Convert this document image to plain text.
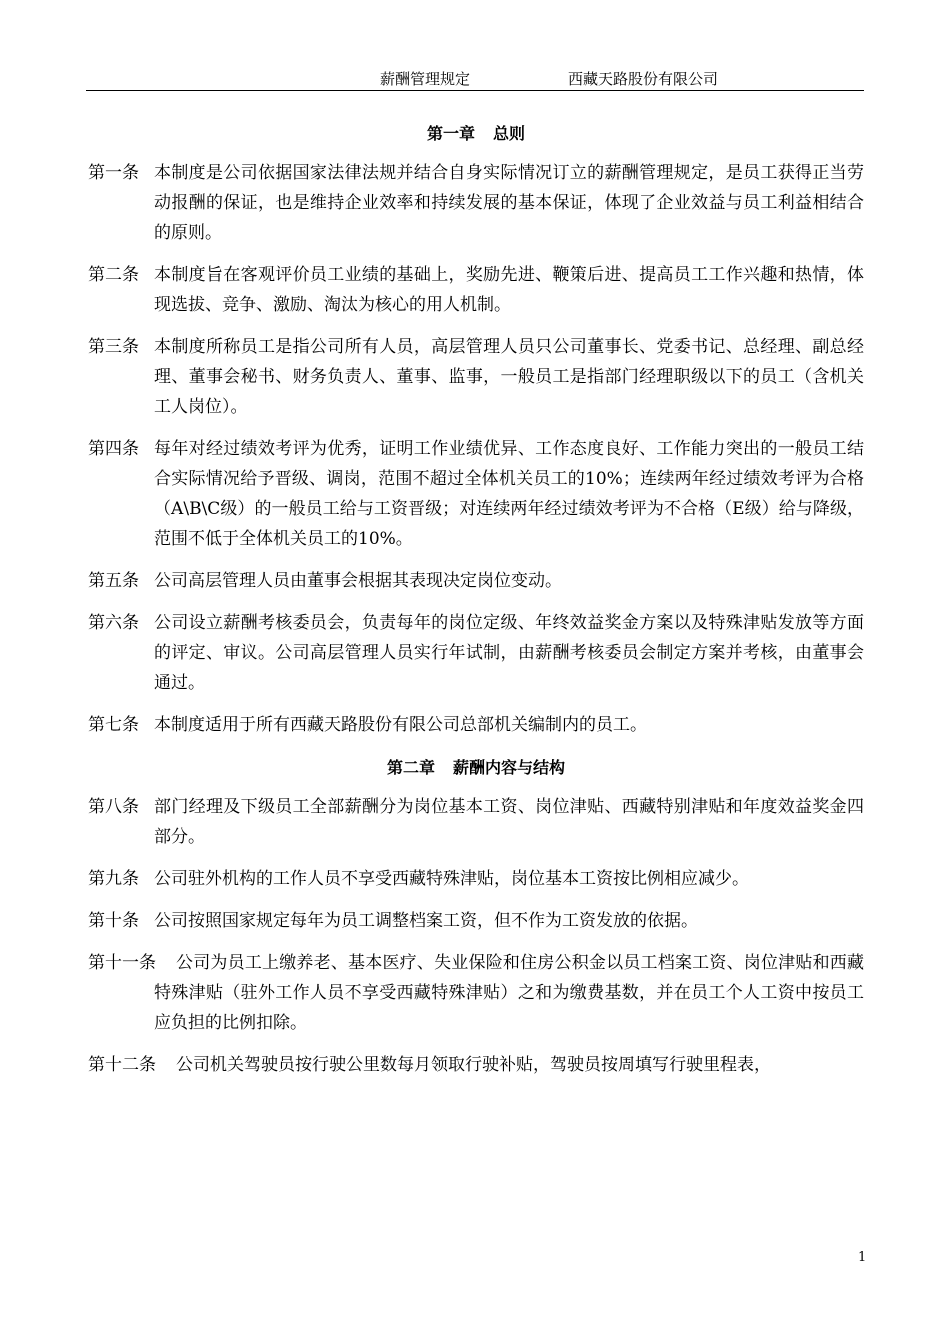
薪酬管理规定	西藏天路股份有限公司
第一章 总则
第一条 本制度是公司依据国家法律法规并结合自身实际情况订立的薪酬管理规定，是员工获得正当劳动报酬的保证，也是维持企业效率和持续发展的基本保证，体现了企业效益与员工利益相结合的原则。
第二条 本制度旨在客观评价员工业绩的基础上，奖励先进、鞭策后进、提高员工工作兴趣和热情，体现选拔、竞争、激励、淘汰为核心的用人机制。
第三条 本制度所称员工是指公司所有人员，高层管理人员只公司董事长、党委书记、总经理、副总经理、董事会秘书、财务负责人、董事、监事，一般员工是指部门经理职级以下的员工（含机关工人岗位）。
第四条 每年对经过绩效考评为优秀，证明工作业绩优异、工作态度良好、工作能力突出的一般员工结合实际情况给予晋级、调岗，范围不超过全体机关员工的10%；连续两年经过绩效考评为合格（A\B\C级）的一般员工给与工资晋级；对连续两年经过绩效考评为不合格（E级）给与降级，范围不低于全体机关员工的10%。
第五条 公司高层管理人员由董事会根据其表现决定岗位变动。
第六条 公司设立薪酬考核委员会，负责每年的岗位定级、年终效益奖金方案以及特殊津贴发放等方面的评定、审议。公司高层管理人员实行年试制，由薪酬考核委员会制定方案并考核，由董事会通过。
第七条 本制度适用于所有西藏天路股份有限公司总部机关编制内的员工。
第二章 薪酬内容与结构
第八条 部门经理及下级员工全部薪酬分为岗位基本工资、岗位津贴、西藏特别津贴和年度效益奖金四部分。
第九条 公司驻外机构的工作人员不享受西藏特殊津贴，岗位基本工资按比例相应减少。
第十条 公司按照国家规定每年为员工调整档案工资，但不作为工资发放的依据。
第十一条	公司为员工上缴养老、基本医疗、失业保险和住房公积金以员工档案工资、岗位津贴和西藏特殊津贴（驻外工作人员不享受西藏特殊津贴）之和为缴费基数，并在员工个人工资中按员工应负担的比例扣除。
第十二条	公司机关驾驶员按行驶公里数每月领取行驶补贴，驾驶员按周填写行驶里程表，
1
